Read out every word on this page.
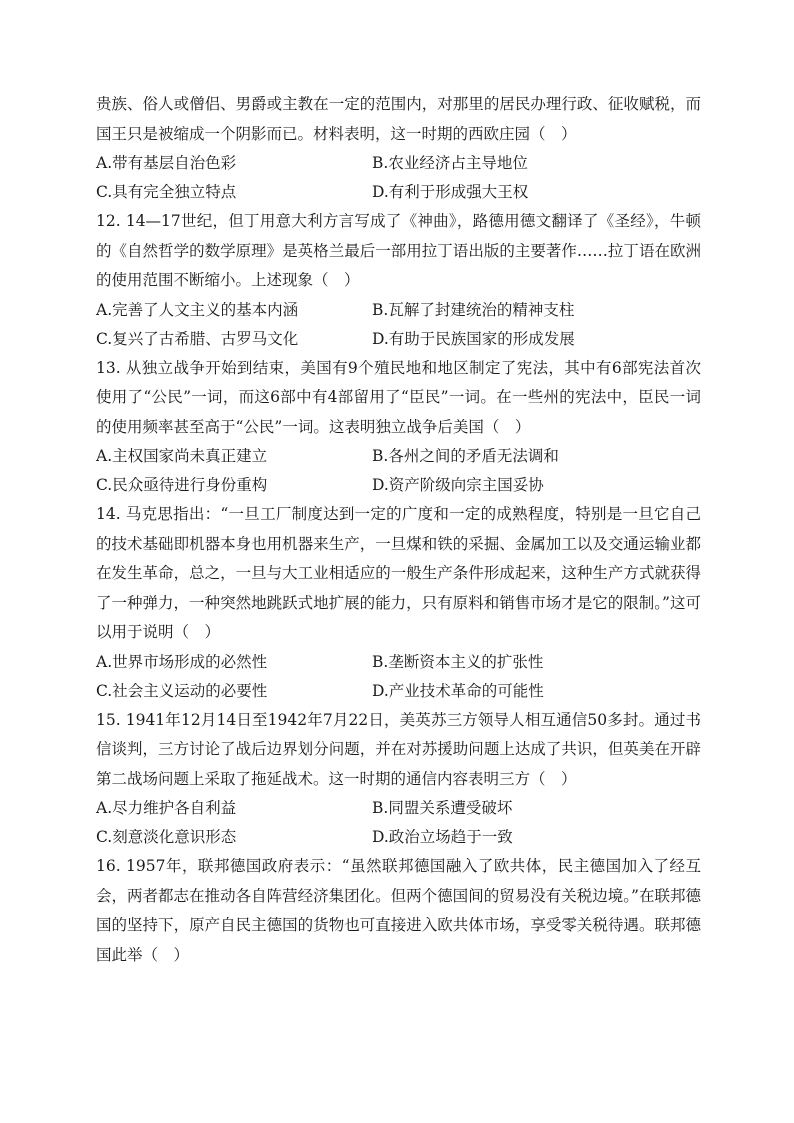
贵族、俗人或僧侣、男爵或主教在一定的范围内，对那里的居民办理行政、征收赋税，而国王只是被缩成一个阴影而已。材料表明，这一时期的西欧庄园（　）

A.带有基层自治色彩	B.农业经济占主导地位
C.具有完全独立特点	D.有利于形成强大王权

12. 14—17世纪，但丁用意大利方言写成了《神曲》，路德用德文翻译了《圣经》，牛顿的《自然哲学的数学原理》是英格兰最后一部用拉丁语出版的主要著作……拉丁语在欧洲的使用范围不断缩小。上述现象（　）

A.完善了人文主义的基本内涵	B.瓦解了封建统治的精神支柱
C.复兴了古希腊、古罗马文化	D.有助于民族国家的形成发展

13. 从独立战争开始到结束，美国有9个殖民地和地区制定了宪法，其中有6部宪法首次使用了“公民”一词，而这6部中有4部留用了“臣民”一词。在一些州的宪法中，臣民一词的使用频率甚至高于“公民”一词。这表明独立战争后美国（　）

A.主权国家尚未真正建立	B.各州之间的矛盾无法调和
C.民众亟待进行身份重构	D.资产阶级向宗主国妥协

14. 马克思指出：“一旦工厂制度达到一定的广度和一定的成熟程度，特别是一旦它自己的技术基础即机器本身也用机器来生产，一旦煤和铁的采掘、金属加工以及交通运输业都在发生革命，总之，一旦与大工业相适应的一般生产条件形成起来，这种生产方式就获得了一种弹力，一种突然地跳跃式地扩展的能力，只有原料和销售市场才是它的限制。”这可以用于说明（　）

A.世界市场形成的必然性	B.垄断资本主义的扩张性
C.社会主义运动的必要性	D.产业技术革命的可能性

15. 1941年12月14日至1942年7月22日，美英苏三方领导人相互通信50多封。通过书信谈判，三方讨论了战后边界划分问题，并在对苏援助问题上达成了共识，但英美在开辟第二战场问题上采取了拖延战术。这一时期的通信内容表明三方（　）

A.尽力维护各自利益	B.同盟关系遭受破坏
C.刻意淡化意识形态	D.政治立场趋于一致

16. 1957年，联邦德国政府表示：“虽然联邦德国融入了欧共体，民主德国加入了经互会，两者都志在推动各自阵营经济集团化。但两个德国间的贸易没有关税边境。”在联邦德国的坚持下，原产自民主德国的货物也可直接进入欧共体市场，享受零关税待遇。联邦德国此举（　）
